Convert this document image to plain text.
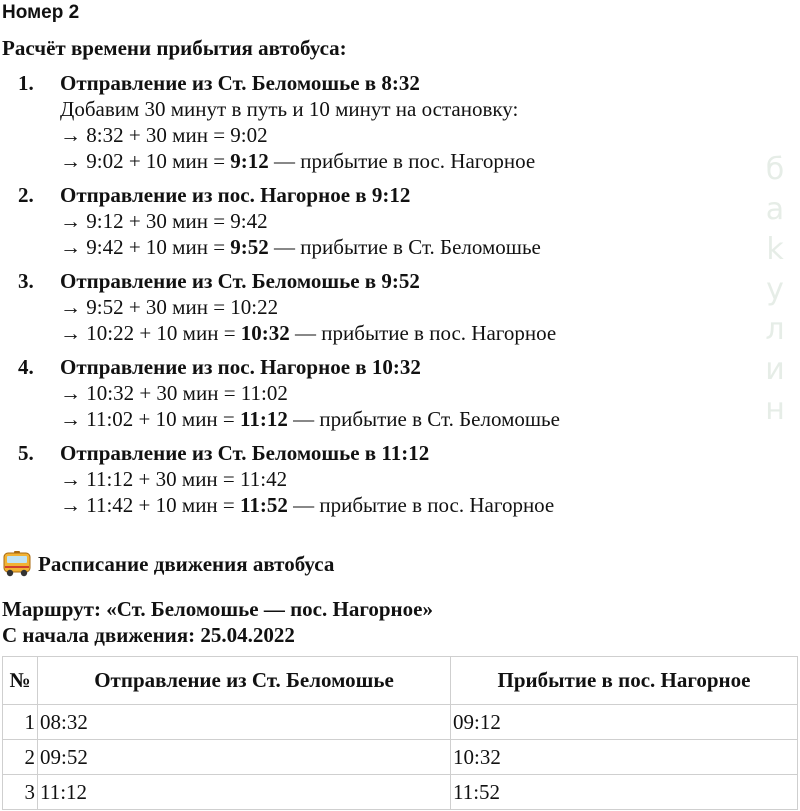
б
а
k
у
л
и
н
Номер 2
Расчёт времени прибытия автобуса:
1. Отправление из Ст. Беломошье в 8:32
Добавим 30 минут в путь и 10 минут на остановку:
→ 8:32 + 30 мин = 9:02
→ 9:02 + 10 мин = 9:12 — прибытие в пос. Нагорное
2. Отправление из пос. Нагорное в 9:12
→ 9:12 + 30 мин = 9:42
→ 9:42 + 10 мин = 9:52 — прибытие в Ст. Беломошье
3. Отправление из Ст. Беломошье в 9:52
→ 9:52 + 30 мин = 10:22
→ 10:22 + 10 мин = 10:32 — прибытие в пос. Нагорное
4. Отправление из пос. Нагорное в 10:32
→ 10:32 + 30 мин = 11:02
→ 11:02 + 10 мин = 11:12 — прибытие в Ст. Беломошье
5. Отправление из Ст. Беломошье в 11:12
→ 11:12 + 30 мин = 11:42
→ 11:42 + 10 мин = 11:52 — прибытие в пос. Нагорное
Расписание движения автобуса
Маршрут: «Ст. Беломошье — пос. Нагорное»
С начала движения: 25.04.2022
№	Отправление из Ст. Беломошье	Прибытие в пос. Нагорное
1	08:32	09:12
2	09:52	10:32
3	11:12	11:52
